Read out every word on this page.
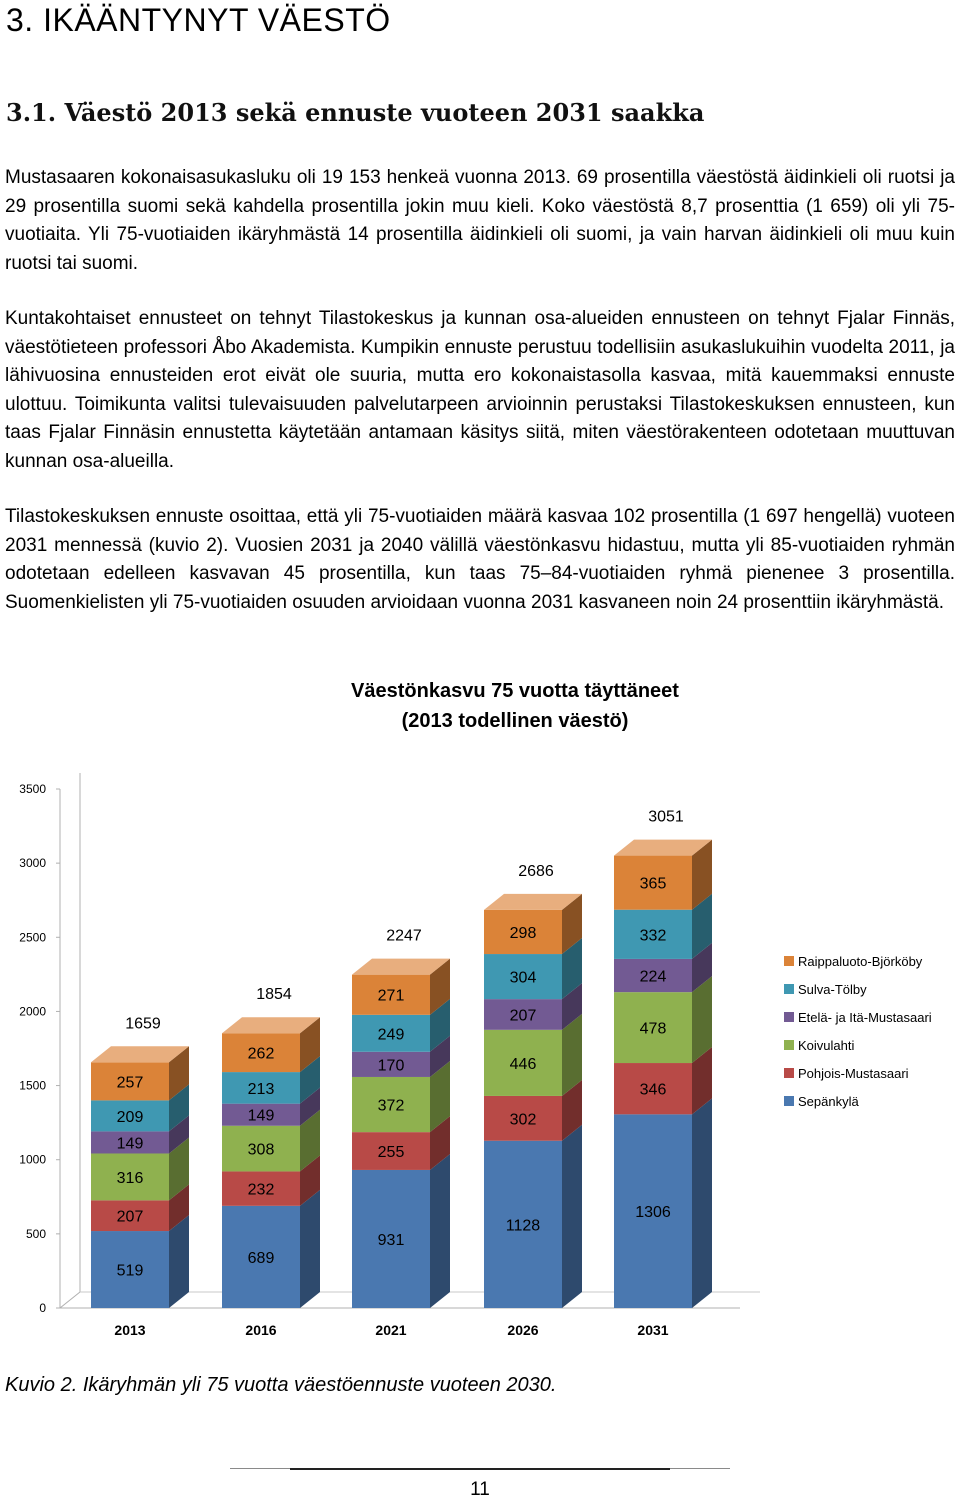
3. IKÄÄNTYNYT VÄESTÖ
3.1. Väestö 2013 sekä ennuste vuoteen 2031 saakka
Mustasaaren kokonaisasukasluku oli 19 153 henkeä vuonna 2013. 69 prosentilla väestöstä äidinkieli oli ruotsi ja 29 prosentilla suomi sekä kahdella prosentilla jokin muu kieli. Koko väestöstä 8,7 prosenttia (1 659) oli yli 75-vuotiaita. Yli 75-vuotiaiden ikäryhmästä 14 prosentilla äidinkieli oli suomi, ja vain harvan äidinkieli oli muu kuin ruotsi tai suomi.
Kuntakohtaiset ennusteet on tehnyt Tilastokeskus ja kunnan osa-alueiden ennusteen on tehnyt Fjalar Finnäs, väestötieteen professori Åbo Akademista. Kumpikin ennuste perustuu todellisiin asukaslukuihin vuodelta 2011, ja lähivuosina ennusteiden erot eivät ole suuria, mutta ero kokonaistasolla kasvaa, mitä kauemmaksi ennuste ulottuu. Toimikunta valitsi tulevaisuuden palvelutarpeen arvioinnin perustaksi Tilastokeskuksen ennusteen, kun taas Fjalar Finnäsin ennustetta käytetään antamaan käsitys siitä, miten väestörakenteen odotetaan muuttuvan kunnan osa-alueilla.
Tilastokeskuksen ennuste osoittaa, että yli 75-vuotiaiden määrä kasvaa 102 prosentilla (1 697 hengellä) vuoteen 2031 mennessä (kuvio 2). Vuosien 2031 ja 2040 välillä väestönkasvu hidastuu, mutta yli 85-vuotiaiden ryhmän odotetaan edelleen kasvavan 45 prosentilla, kun taas 75–84-vuotiaiden ryhmä pienenee 3 prosentilla. Suomenkielisten yli 75-vuotiaiden osuuden arvioidaan vuonna 2031 kasvaneen noin 24 prosenttiin ikäryhmästä.
Väestönkasvu 75 vuotta täyttäneet
(2013 todellinen väestö)
0
500
1000
1500
2000
2500
3000
3500
519
207
316
149
209
257
1659
2013
689
232
308
149
213
262
1854
2016
931
255
372
170
249
271
2247
2021
1128
302
446
207
304
298
2686
2026
1306
346
478
224
332
365
3051
2031
Raippaluoto-Björköby
Sulva-Tölby
Etelä- ja Itä-Mustasaari
Koivulahti
Pohjois-Mustasaari
Sepänkylä
Kuvio 2. Ikäryhmän yli 75 vuotta väestöennuste vuoteen 2030.
11
